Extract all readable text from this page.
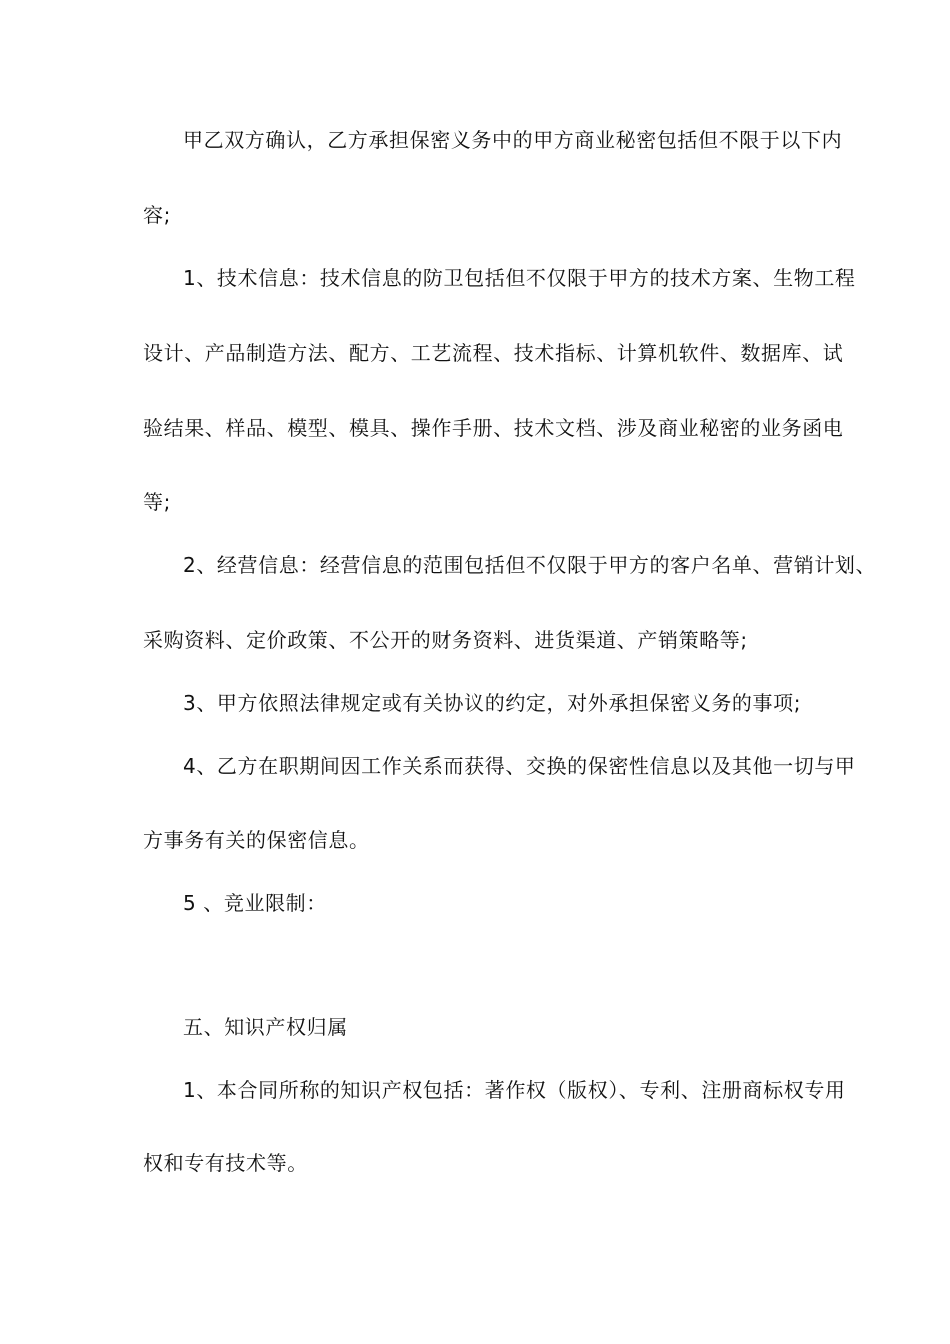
甲乙双方确认，乙方承担保密义务中的甲方商业秘密包括但不限于以下内
容;
1、技术信息：技术信息的防卫包括但不仅限于甲方的技术方案、生物工程
设计、产品制造方法、配方、工艺流程、技术指标、计算机软件、数据库、试
验结果、样品、模型、模具、操作手册、技术文档、涉及商业秘密的业务函电
等;
2、经营信息：经营信息的范围包括但不仅限于甲方的客户名单、营销计划、
采购资料、定价政策、不公开的财务资料、进货渠道、产销策略等;
3、甲方依照法律规定或有关协议的约定，对外承担保密义务的事项;
4、乙方在职期间因工作关系而获得、交换的保密性信息以及其他一切与甲
方事务有关的保密信息。
5 、竞业限制：
五、知识产权归属
1、本合同所称的知识产权包括：著作权（版权）、专利、注册商标权专用
权和专有技术等。
